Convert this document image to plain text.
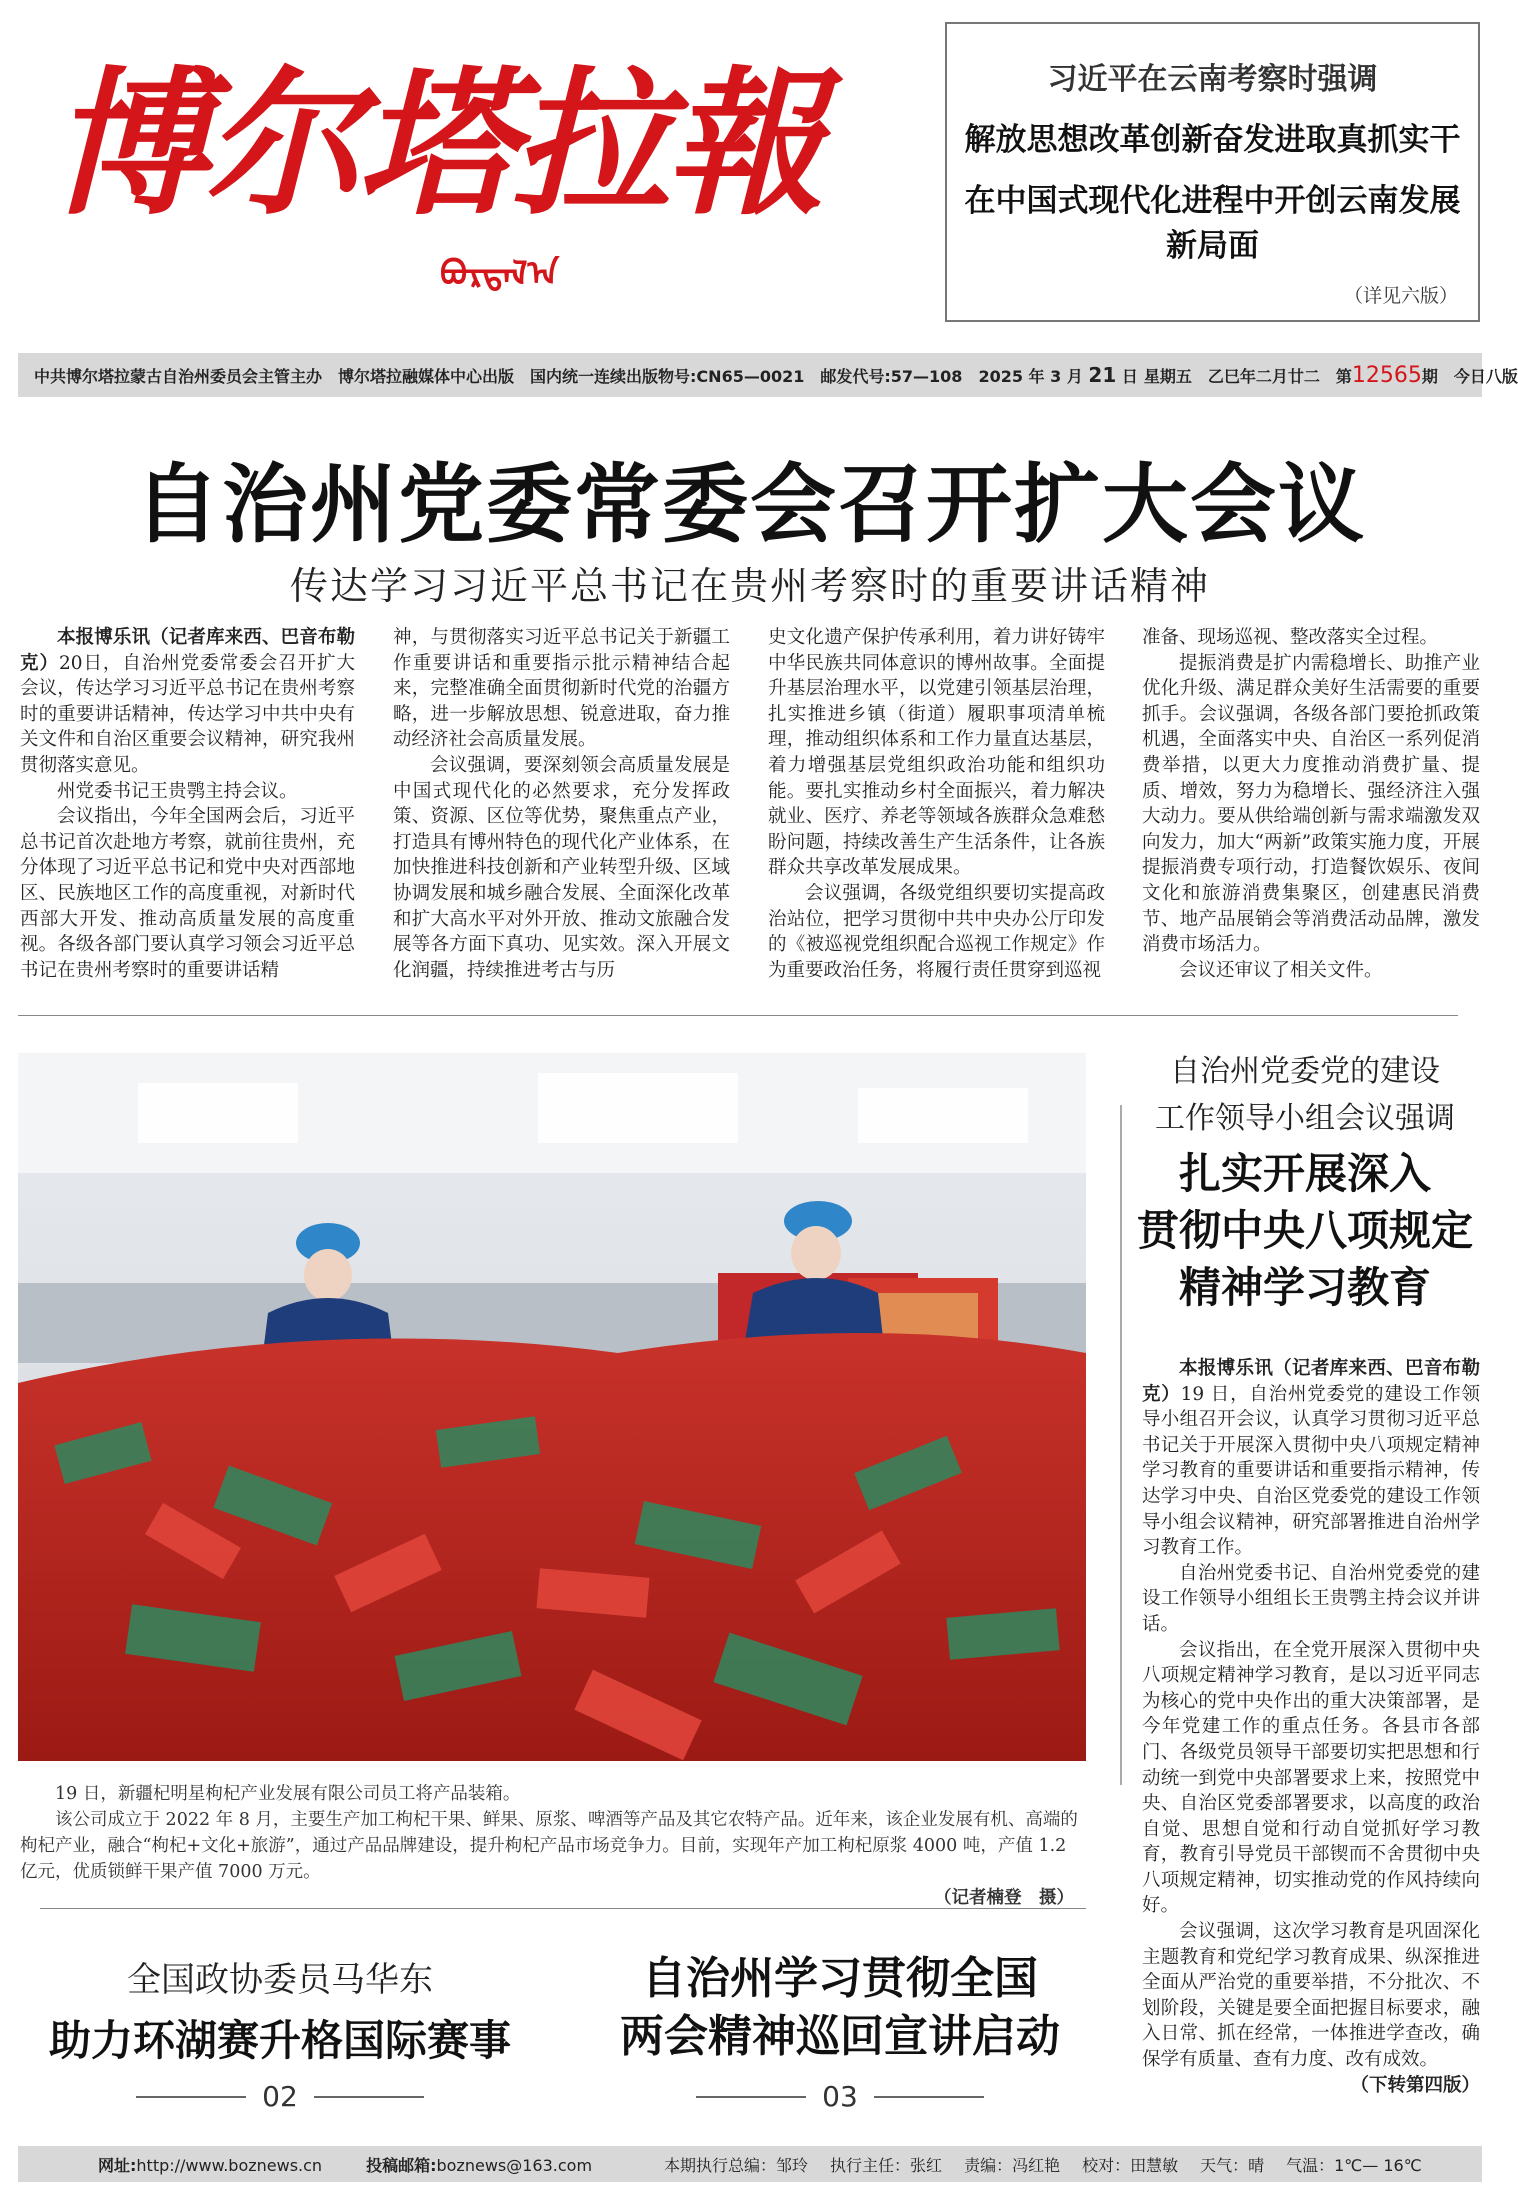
博尔塔拉報
ᠪᠣᠷᠲᠠᠯ᠎ᠠ
习近平在云南考察时强调
解放思想改革创新奋发进取真抓实干
在中国式现代化进程中开创云南发展新局面
（详见六版）
中共博尔塔拉蒙古自治州委员会主管主办 博尔塔拉融媒体中心出版 国内统一连续出版物号:CN65—0021 邮发代号:57—108 2025 年 3 月 21 日 星期五 乙巳年二月廿二 第12565期 今日八版
自治州党委常委会召开扩大会议
传达学习习近平总书记在贵州考察时的重要讲话精神

本报博乐讯（记者库来西、巴音布勒克）20日，自治州党委常委会召开扩大会议，传达学习习近平总书记在贵州考察时的重要讲话精神，传达学习中共中央有关文件和自治区重要会议精神，研究我州贯彻落实意见。

州党委书记王贵鹗主持会议。

会议指出，今年全国两会后，习近平总书记首次赴地方考察，就前往贵州，充分体现了习近平总书记和党中央对西部地区、民族地区工作的高度重视，对新时代西部大开发、推动高质量发展的高度重视。各级各部门要认真学习领会习近平总书记在贵州考察时的重要讲话精

神，与贯彻落实习近平总书记关于新疆工作重要讲话和重要指示批示精神结合起来，完整准确全面贯彻新时代党的治疆方略，进一步解放思想、锐意进取，奋力推动经济社会高质量发展。

会议强调，要深刻领会高质量发展是中国式现代化的必然要求，充分发挥政策、资源、区位等优势，聚焦重点产业，打造具有博州特色的现代化产业体系，在加快推进科技创新和产业转型升级、区域协调发展和城乡融合发展、全面深化改革和扩大高水平对外开放、推动文旅融合发展等各方面下真功、见实效。深入开展文化润疆，持续推进考古与历

史文化遗产保护传承利用，着力讲好铸牢中华民族共同体意识的博州故事。全面提升基层治理水平，以党建引领基层治理，扎实推进乡镇（街道）履职事项清单梳理，推动组织体系和工作力量直达基层，着力增强基层党组织政治功能和组织功能。要扎实推动乡村全面振兴，着力解决就业、医疗、养老等领域各族群众急难愁盼问题，持续改善生产生活条件，让各族群众共享改革发展成果。

会议强调，各级党组织要切实提高政治站位，把学习贯彻中共中央办公厅印发的《被巡视党组织配合巡视工作规定》作为重要政治任务，将履行责任贯穿到巡视

准备、现场巡视、整改落实全过程。

提振消费是扩内需稳增长、助推产业优化升级、满足群众美好生活需要的重要抓手。会议强调，各级各部门要抢抓政策机遇，全面落实中央、自治区一系列促消费举措，以更大力度推动消费扩量、提质、增效，努力为稳增长、强经济注入强大动力。要从供给端创新与需求端激发双向发力，加大“两新”政策实施力度，开展提振消费专项行动，打造餐饮娱乐、夜间文化和旅游消费集聚区，创建惠民消费节、地产品展销会等消费活动品牌，激发消费市场活力。

会议还审议了相关文件。

19 日，新疆杞明星枸杞产业发展有限公司员工将产品装箱。

该公司成立于 2022 年 8 月，主要生产加工枸杞干果、鲜果、原浆、啤酒等产品及其它农特产品。近年来，该企业发展有机、高端的枸杞产业，融合“枸杞+文化+旅游”，通过产品品牌建设，提升枸杞产品市场竞争力。目前，实现年产加工枸杞原浆 4000 吨，产值 1.2 亿元，优质锁鲜干果产值 7000 万元。

（记者楠登　摄）

自治州党委党的建设
工作领导小组会议强调
扎实开展深入
贯彻中央八项规定
精神学习教育

本报博乐讯（记者库来西、巴音布勒克）19 日，自治州党委党的建设工作领导小组召开会议，认真学习贯彻习近平总书记关于开展深入贯彻中央八项规定精神学习教育的重要讲话和重要指示精神，传达学习中央、自治区党委党的建设工作领导小组会议精神，研究部署推进自治州学习教育工作。

自治州党委书记、自治州党委党的建设工作领导小组组长王贵鹗主持会议并讲话。

会议指出，在全党开展深入贯彻中央八项规定精神学习教育，是以习近平同志为核心的党中央作出的重大决策部署，是今年党建工作的重点任务。各县市各部门、各级党员领导干部要切实把思想和行动统一到党中央部署要求上来，按照党中央、自治区党委部署要求，以高度的政治自觉、思想自觉和行动自觉抓好学习教育，教育引导党员干部锲而不舍贯彻中央八项规定精神，切实推动党的作风持续向好。

会议强调，这次学习教育是巩固深化主题教育和党纪学习教育成果、纵深推进全面从严治党的重要举措，不分批次、不划阶段，关键是要全面把握目标要求，融入日常、抓在经常，一体推进学查改，确保学有质量、查有力度、改有成效。

（下转第四版）

全国政协委员马华东
助力环湖赛升格国际赛事
02
自治州学习贯彻全国
两会精神巡回宣讲启动
03
网址:http://www.boznews.cn	投稿邮箱:boznews@163.com	本期执行总编：邹玲 执行主任：张红 责编：冯红艳 校对：田慧敏 天气：晴 气温：1℃— 16℃
